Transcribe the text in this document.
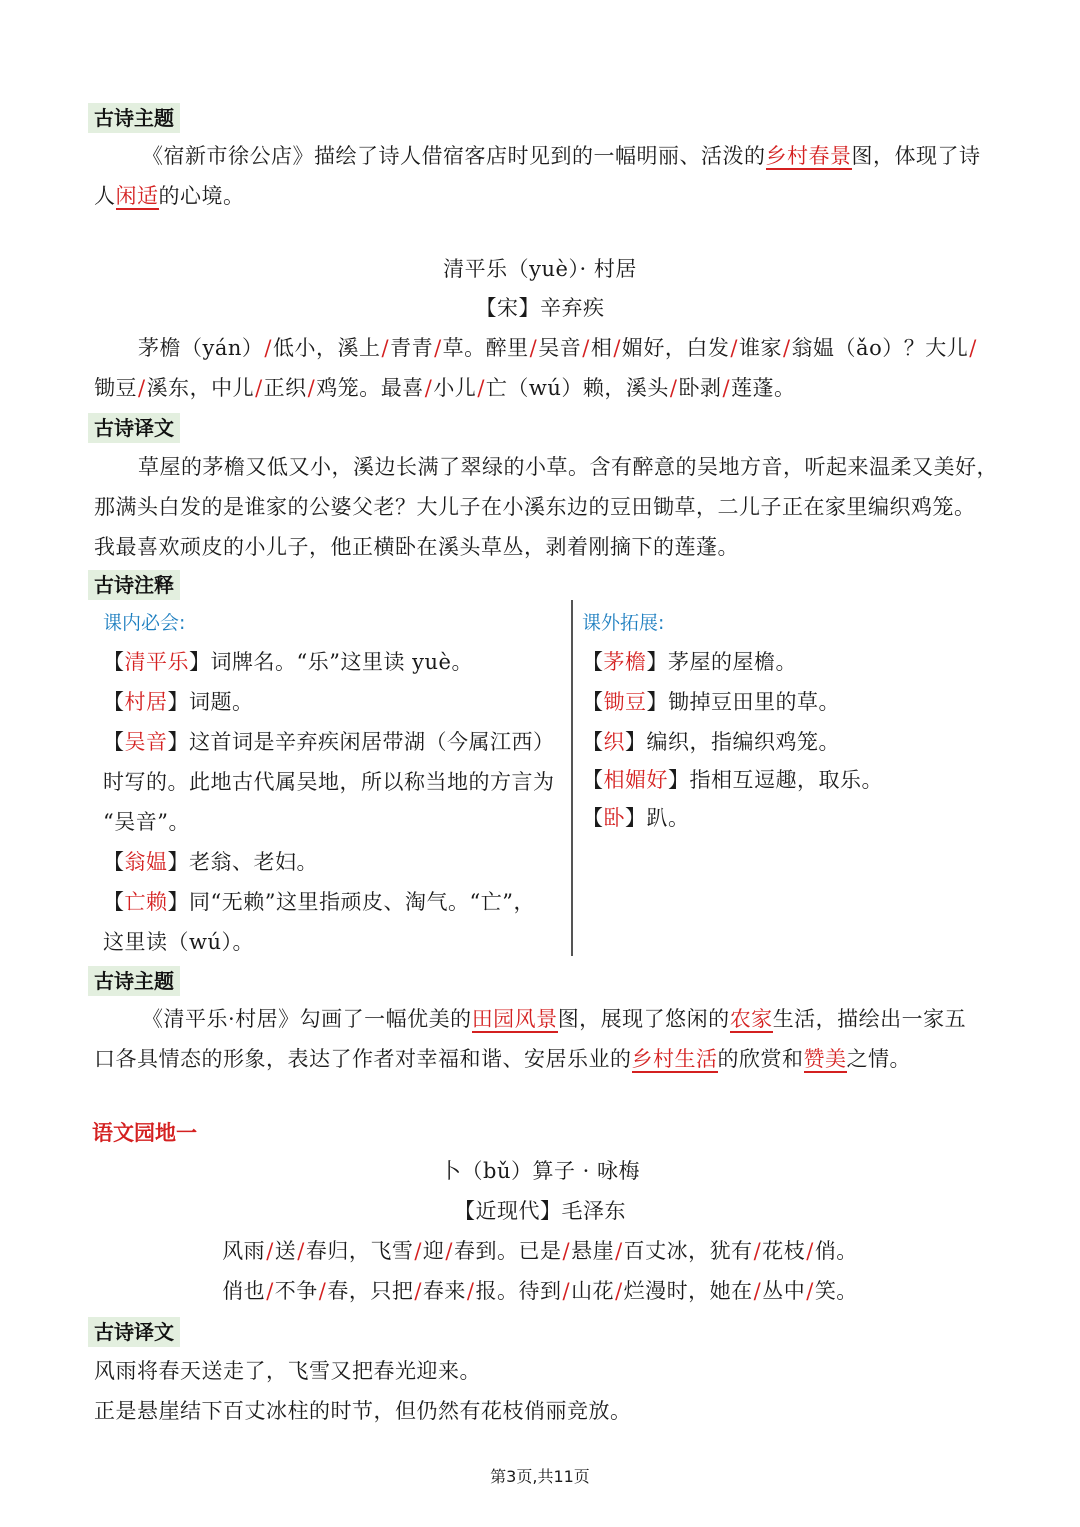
古诗主题
《宿新市徐公店》描绘了诗人借宿客店时见到的一幅明丽、活泼的乡村春景图，体现了诗
人闲适的心境。
清平乐（yuè）· 村居
【宋】辛弃疾
茅檐（yán）/低小，溪上/青青/草。醉里/吴音/相/媚好，白发/谁家/翁媪（ǎo）？大儿/
锄豆/溪东，中儿/正织/鸡笼。最喜/小儿/亡（wú）赖，溪头/卧剥/莲蓬。
古诗译文
草屋的茅檐又低又小，溪边长满了翠绿的小草。含有醉意的吴地方音，听起来温柔又美好，
那满头白发的是谁家的公婆父老？大儿子在小溪东边的豆田锄草，二儿子正在家里编织鸡笼。
我最喜欢顽皮的小儿子，他正横卧在溪头草丛，剥着刚摘下的莲蓬。
古诗注释
课内必会:	课外拓展:
【清平乐】词牌名。“乐”这里读 yuè。
【村居】词题。
【吴音】这首词是辛弃疾闲居带湖（今属江西）
时写的。此地古代属吴地，所以称当地的方言为
“吴音”。
【翁媪】老翁、老妇。
【亡赖】同“无赖”这里指顽皮、淘气。“亡”，
这里读（wú）。
【茅檐】茅屋的屋檐。
【锄豆】锄掉豆田里的草。
【织】编织，指编织鸡笼。
【相媚好】指相互逗趣，取乐。
【卧】趴。
古诗主题
《清平乐·村居》勾画了一幅优美的田园风景图，展现了悠闲的农家生活，描绘出一家五
口各具情态的形象，表达了作者对幸福和谐、安居乐业的乡村生活的欣赏和赞美之情。
语文园地一
卜（bǔ）算子 · 咏梅
【近现代】毛泽东
风雨/送/春归，飞雪/迎/春到。已是/悬崖/百丈冰，犹有/花枝/俏。
俏也/不争/春，只把/春来/报。待到/山花/烂漫时，她在/丛中/笑。
古诗译文
风雨将春天送走了，飞雪又把春光迎来。
正是悬崖结下百丈冰柱的时节，但仍然有花枝俏丽竞放。
第3页,共11页
